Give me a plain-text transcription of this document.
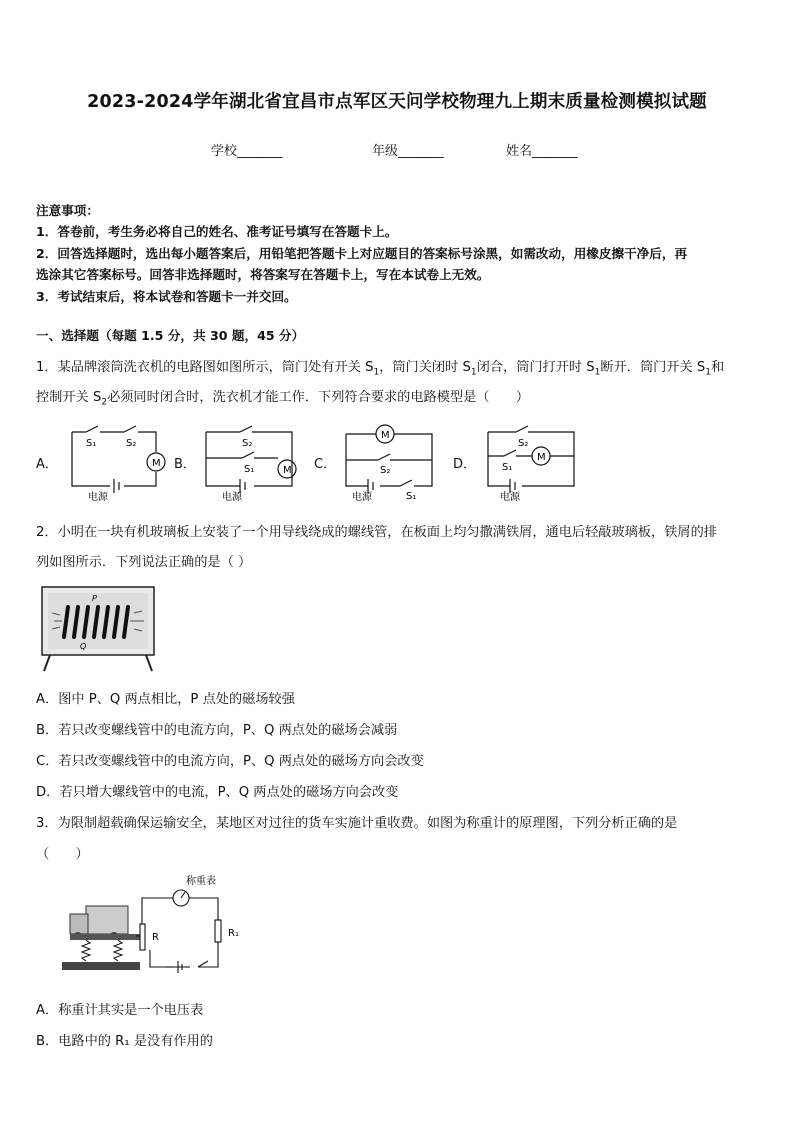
2023-2024学年湖北省宜昌市点军区天问学校物理九上期末质量检测模拟试题
学校_______	年级_______	姓名_______
注意事项：
1．答卷前，考生务必将自己的姓名、准考证号填写在答题卡上。
2．回答选择题时，选出每小题答案后，用铅笔把答题卡上对应题目的答案标号涂黑，如需改动，用橡皮擦干净后，再
选涂其它答案标号。回答非选择题时，将答案写在答题卡上，写在本试卷上无效。
3．考试结束后，将本试卷和答题卡一并交回。
一、选择题（每题 1.5 分，共 30 题，45 分）
1．某品牌滚筒洗衣机的电路图如图所示，筒门处有开关 $S_1$，筒门关闭时 $S_1$闭合，筒门打开时 $S_1$断开．筒门开关 $S_1$和
控制开关 $S_2$必须同时闭合时，洗衣机才能工作．下列符合要求的电路模型是（　　）
A．	B．	C．	D．
S₁	S₂
M
电源
S₂
S₁	M
电源
M
S₂
S₁
电源
S₂
S₁
M
电源
2．小明在一块有机玻璃板上安装了一个用导线绕成的螺线管，在板面上均匀撒满铁屑，通电后轻敲玻璃板，铁屑的排
列如图所示．下列说法正确的是（ ）
P
Q
A．图中 P、Q 两点相比，P 点处的磁场较强
B．若只改变螺线管中的电流方向，P、Q 两点处的磁场会减弱
C．若只改变螺线管中的电流方向，P、Q 两点处的磁场方向会改变
D．若只增大螺线管中的电流，P、Q 两点处的磁场方向会改变
3．为限制超载确保运输安全，某地区对过往的货车实施计重收费。如图为称重计的原理图，下列分析正确的是
（　　）
称重表
R	R₁
A．称重计其实是一个电压表
B．电路中的 R₁ 是没有作用的
